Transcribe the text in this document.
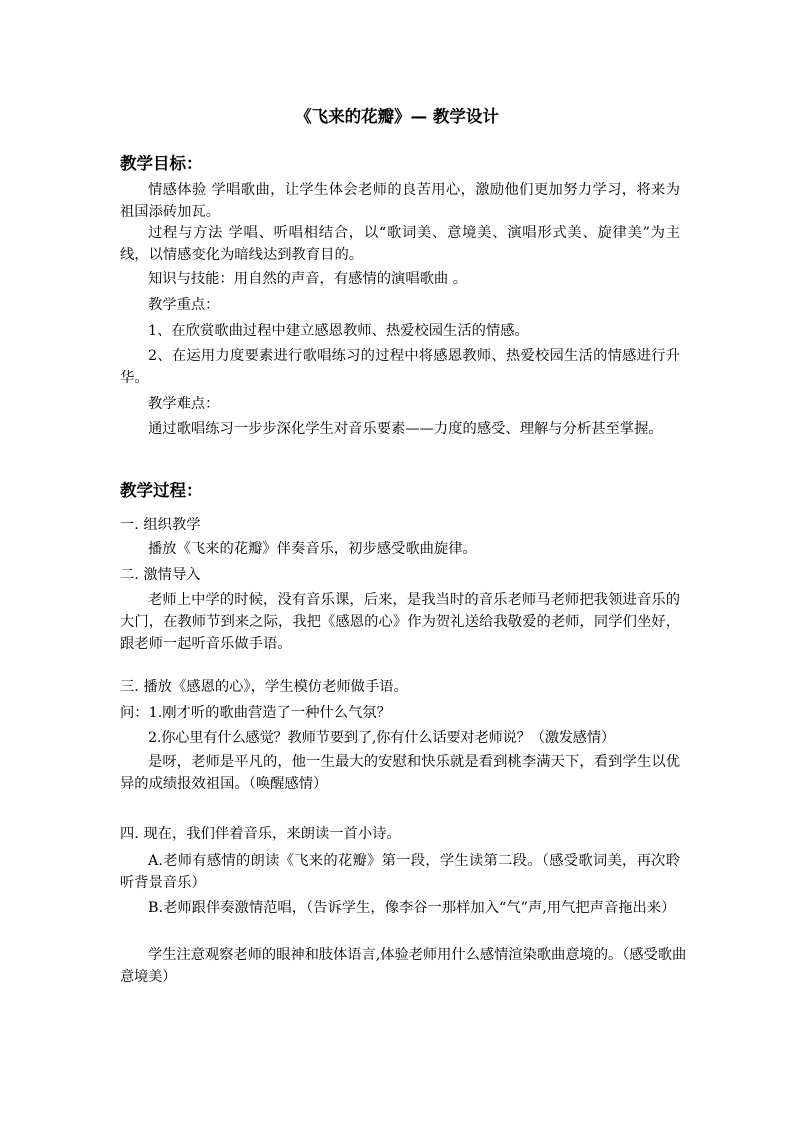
《飞来的花瓣》— 教学设计
教学目标：
情感体验 学唱歌曲，让学生体会老师的良苦用心，激励他们更加努力学习，将来为祖国添砖加瓦。
过程与方法 学唱、听唱相结合，以“歌词美、意境美、演唱形式美、旋律美”为主线，以情感变化为暗线达到教育目的。
知识与技能：用自然的声音，有感情的演唱歌曲 。
教学重点：
1、在欣赏歌曲过程中建立感恩教师、热爱校园生活的情感。
2、在运用力度要素进行歌唱练习的过程中将感恩教师、热爱校园生活的情感进行升华。
教学难点：
通过歌唱练习一步步深化学生对音乐要素——力度的感受、理解与分析甚至掌握。
教学过程：
一. 组织教学
播放《飞来的花瓣》伴奏音乐，初步感受歌曲旋律。
二. 激情导入
老师上中学的时候，没有音乐课，后来，是我当时的音乐老师马老师把我领进音乐的大门，在教师节到来之际，我把《感恩的心》作为贺礼送给我敬爱的老师，同学们坐好，跟老师一起听音乐做手语。
三. 播放《感恩的心》，学生模仿老师做手语。
问：1.刚才听的歌曲营造了一种什么气氛？
2.你心里有什么感觉？教师节要到了,你有什么话要对老师说？（激发感情）
是呀，老师是平凡的，他一生最大的安慰和快乐就是看到桃李满天下，看到学生以优异的成绩报效祖国。（唤醒感情）
四. 现在，我们伴着音乐，来朗读一首小诗。
A.老师有感情的朗读《飞来的花瓣》第一段，学生读第二段。（感受歌词美，再次聆听背景音乐）
B.老师跟伴奏激情范唱，（告诉学生，像李谷一那样加入“气”声,用气把声音拖出来）
学生注意观察老师的眼神和肢体语言,体验老师用什么感情渲染歌曲意境的。（感受歌曲意境美）
